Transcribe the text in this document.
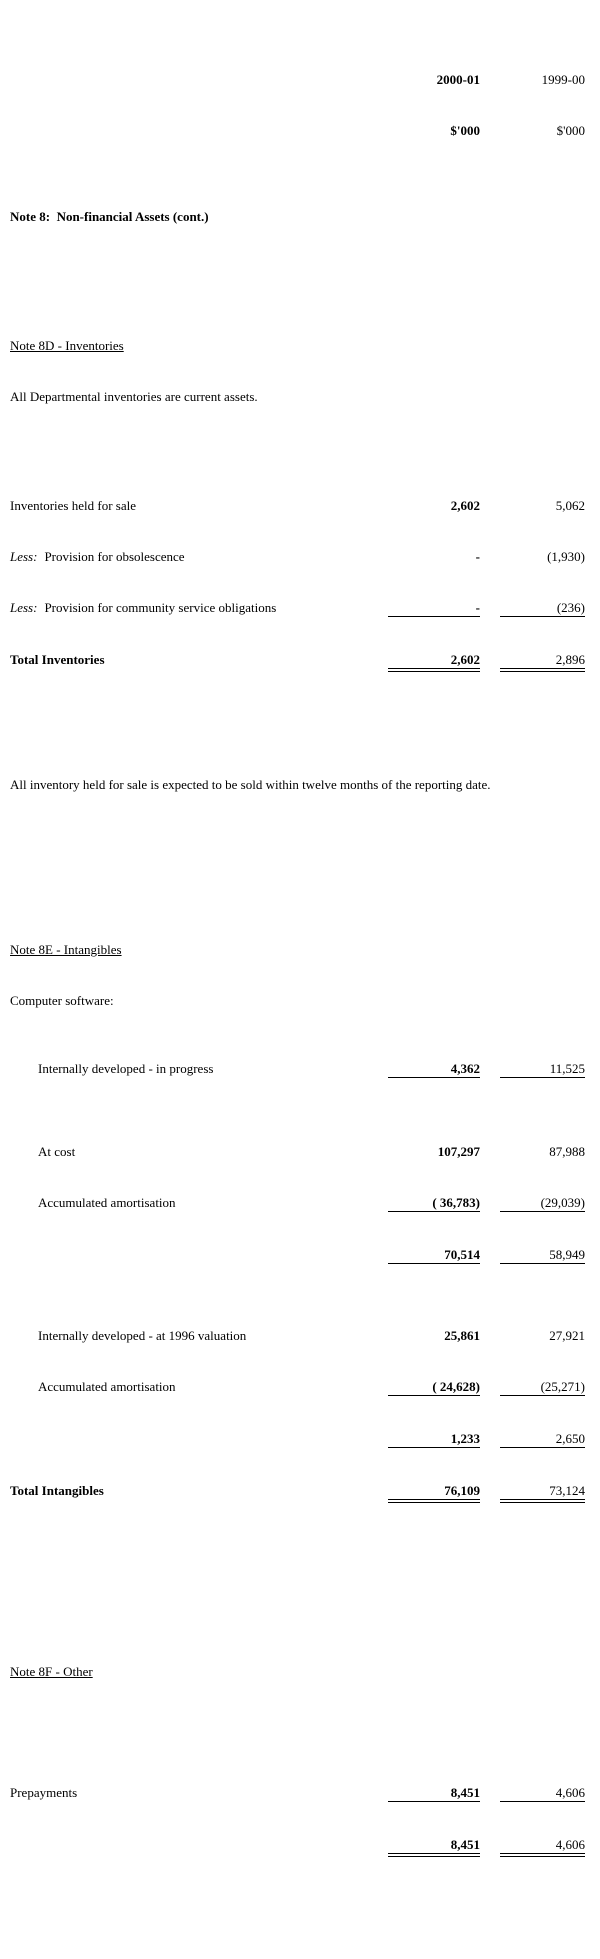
2000-01	1999-00

$'000	$'000

Note 8:  Non-financial Assets (cont.)

Note 8D - Inventories

All Departmental inventories are current assets.

Inventories held for sale	2,602	5,062

Less: Provision for obsolescence	-	(1,930)

Less: Provision for community service obligations	-	(236)

Total Inventories	2,602	2,896

All inventory held for sale is expected to be sold within twelve months of the reporting date.

Note 8E - Intangibles

Computer software:

Internally developed - in progress	4,362	11,525

At cost	107,297	87,988

Accumulated amortisation	( 36,783)	(29,039)

70,514	58,949

Internally developed - at 1996 valuation	25,861	27,921

Accumulated amortisation	( 24,628)	(25,271)

1,233	2,650

Total Intangibles	76,109	73,124

Note 8F - Other

Prepayments	8,451	4,606

8,451	4,606
